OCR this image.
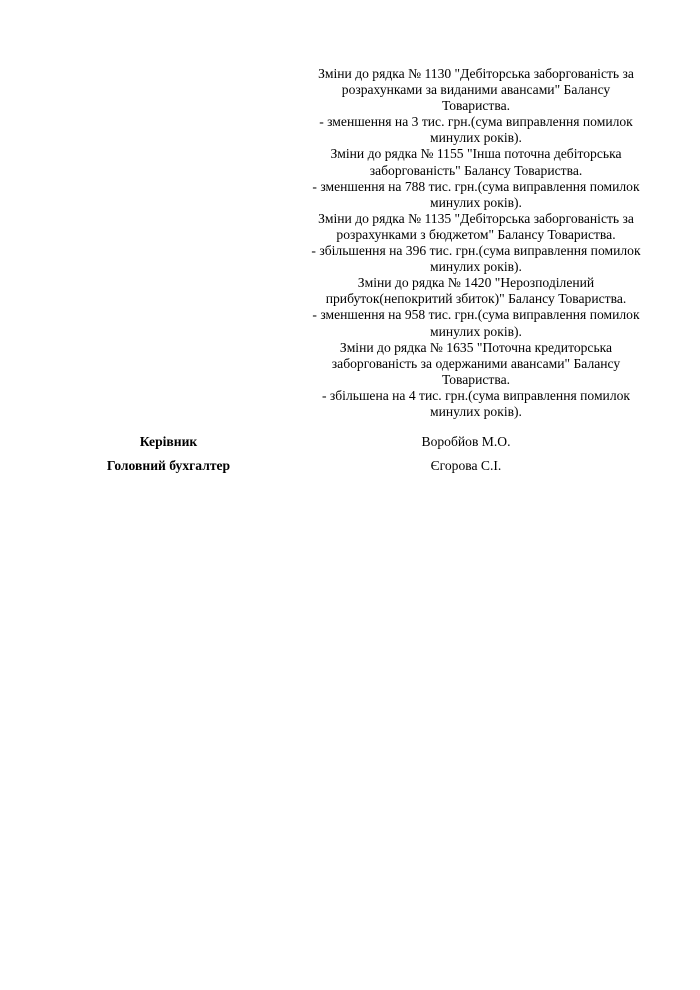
Зміни до рядка № 1130 "Дебіторська заборгованість за
розрахунками за виданими авансами" Балансу
Товариства.
- зменшення на 3 тис. грн.(сума виправлення помилок
минулих років).
Зміни до рядка № 1155 "Інша поточна дебіторська
заборгованість" Балансу Товариства.
- зменшення на 788 тис. грн.(сума виправлення помилок
минулих років).
Зміни до рядка № 1135 "Дебіторська заборгованість за
розрахунками з бюджетом" Балансу Товариства.
- збільшення на 396 тис. грн.(сума виправлення помилок
минулих років).
Зміни до рядка № 1420 "Нерозподілений
прибуток(непокритий збиток)" Балансу Товариства.
- зменшення на 958 тис. грн.(сума виправлення помилок
минулих років).
Зміни до рядка № 1635 "Поточна кредиторська
заборгованість за одержаними авансами" Балансу
Товариства.
- збільшена на 4 тис. грн.(сума виправлення помилок
минулих років).
Керівник	Воробйов М.О.
Головний бухгалтер	Єгорова С.І.
